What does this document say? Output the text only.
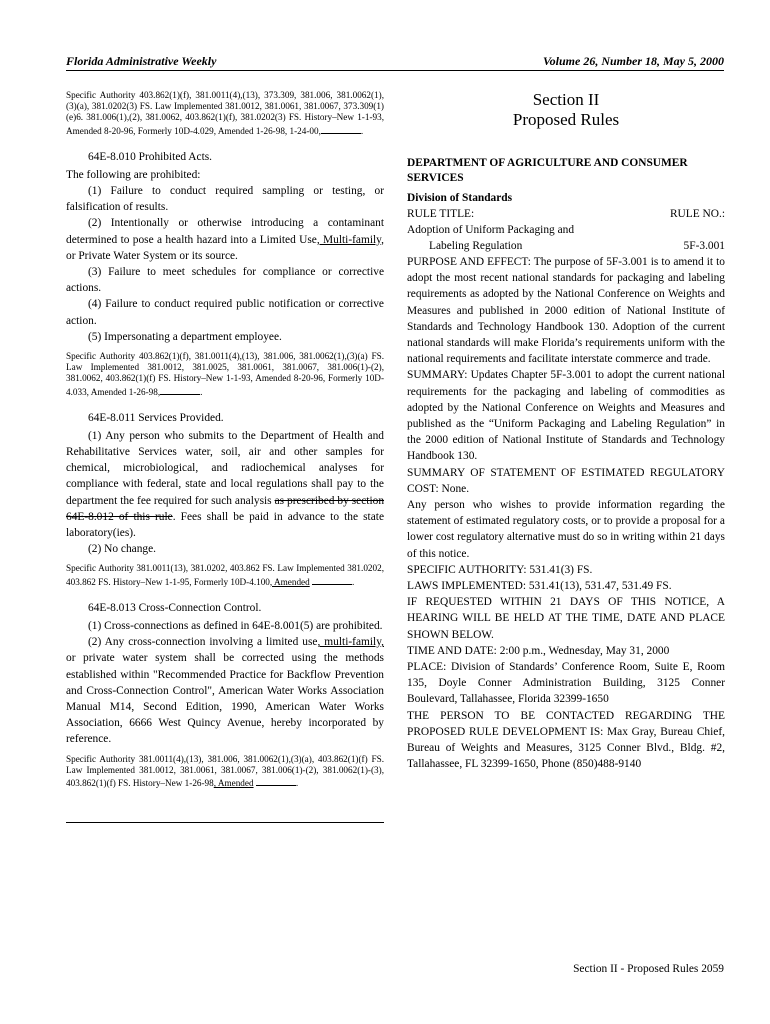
Florida Administrative Weekly	Volume 26, Number 18, May 5, 2000

Specific Authority 403.862(1)(f), 381.0011(4),(13), 373.309, 381.006, 381.0062(1),(3)(a), 381.0202(3) FS. Law Implemented 381.0012, 381.0061, 381.0067, 373.309(1)(e)6. 381.006(1),(2), 381.0062, 403.862(1)(f), 381.0202(3) FS. History–New 1-1-93, Amended 8-20-96, Formerly 10D-4.029, Amended 1-26-98, 1-24-00,	.

64E-8.010 Prohibited Acts.

The following are prohibited:

(1) Failure to conduct required sampling or testing, or falsification of results.

(2) Intentionally or otherwise introducing a contaminant determined to pose a health hazard into a Limited Use, Multi-family, or Private Water System or its source.

(3) Failure to meet schedules for compliance or corrective actions.

(4) Failure to conduct required public notification or corrective action.

(5) Impersonating a department employee.

Specific Authority 403.862(1)(f), 381.0011(4),(13), 381.006, 381.0062(1),(3)(a) FS. Law Implemented 381.0012, 381.0025, 381.0061, 381.0067, 381.006(1)-(2), 381.0062, 403.862(1)(f) FS. History–New 1-1-93, Amended 8-20-96, Formerly 10D-4.033, Amended 1-26-98,	.

64E-8.011 Services Provided.

(1) Any person who submits to the Department of Health and Rehabilitative Services water, soil, air and other samples for chemical, microbiological, and radiochemical analyses for compliance with federal, state and local regulations shall pay to the department the fee required for such analysis as prescribed by section 64E-8.012 of this rule. Fees shall be paid in advance to the state laboratory(ies).

(2) No change.

Specific Authority 381.0011(13), 381.0202, 403.862 FS. Law Implemented 381.0202, 403.862 FS. History–New 1-1-95, Formerly 10D-4.100, Amended	.

64E-8.013 Cross-Connection Control.

(1) Cross-connections as defined in 64E-8.001(5) are prohibited.

(2) Any cross-connection involving a limited use, multi-family, or private water system shall be corrected using the methods established within "Recommended Practice for Backflow Prevention and Cross-Connection Control", American Water Works Association Manual M14, Second Edition, 1990, American Water Works Association, 6666 West Quincy Avenue, hereby incorporated by reference.

Specific Authority 381.0011(4),(13), 381.006, 381.0062(1),(3)(a), 403.862(1)(f) FS. Law Implemented 381.0012, 381.0061, 381.0067, 381.006(1)-(2), 381.0062(1)-(3), 403.862(1)(f) FS. History–New 1-26-98, Amended	.

Section II
Proposed Rules

DEPARTMENT OF AGRICULTURE AND CONSUMER SERVICES

Division of Standards

RULE TITLE:	RULE NO.:
Adoption of Uniform Packaging and
Labeling Regulation	5F-3.001

PURPOSE AND EFFECT: The purpose of 5F-3.001 is to amend it to adopt the most recent national standards for packaging and labeling requirements as adopted by the National Conference on Weights and Measures and published in 2000 edition of National Institute of Standards and Technology Handbook 130. Adoption of the current national standards will make Florida’s requirements uniform with the national requirements and facilitate interstate commerce and trade.

SUMMARY: Updates Chapter 5F-3.001 to adopt the current national requirements for the packaging and labeling of commodities as adopted by the National Conference on Weights and Measures and published as the “Uniform Packaging and Labeling Regulation” in the 2000 edition of National Institute of Standards and Technology Handbook 130.

SUMMARY OF STATEMENT OF ESTIMATED REGULATORY COST: None.

Any person who wishes to provide information regarding the statement of estimated regulatory costs, or to provide a proposal for a lower cost regulatory alternative must do so in writing within 21 days of this notice.

SPECIFIC AUTHORITY: 531.41(3) FS.

LAWS IMPLEMENTED: 531.41(13), 531.47, 531.49 FS.

IF REQUESTED WITHIN 21 DAYS OF THIS NOTICE, A HEARING WILL BE HELD AT THE TIME, DATE AND PLACE SHOWN BELOW.

TIME AND DATE: 2:00 p.m., Wednesday, May 31, 2000

PLACE: Division of Standards’ Conference Room, Suite E, Room 135, Doyle Conner Administration Building, 3125 Conner Boulevard, Tallahassee, Florida 32399-1650

THE PERSON TO BE CONTACTED REGARDING THE PROPOSED RULE DEVELOPMENT IS: Max Gray, Bureau Chief, Bureau of Weights and Measures, 3125 Conner Blvd., Bldg. #2, Tallahassee, FL 32399-1650, Phone (850)488-9140

Section II - Proposed Rules 2059
